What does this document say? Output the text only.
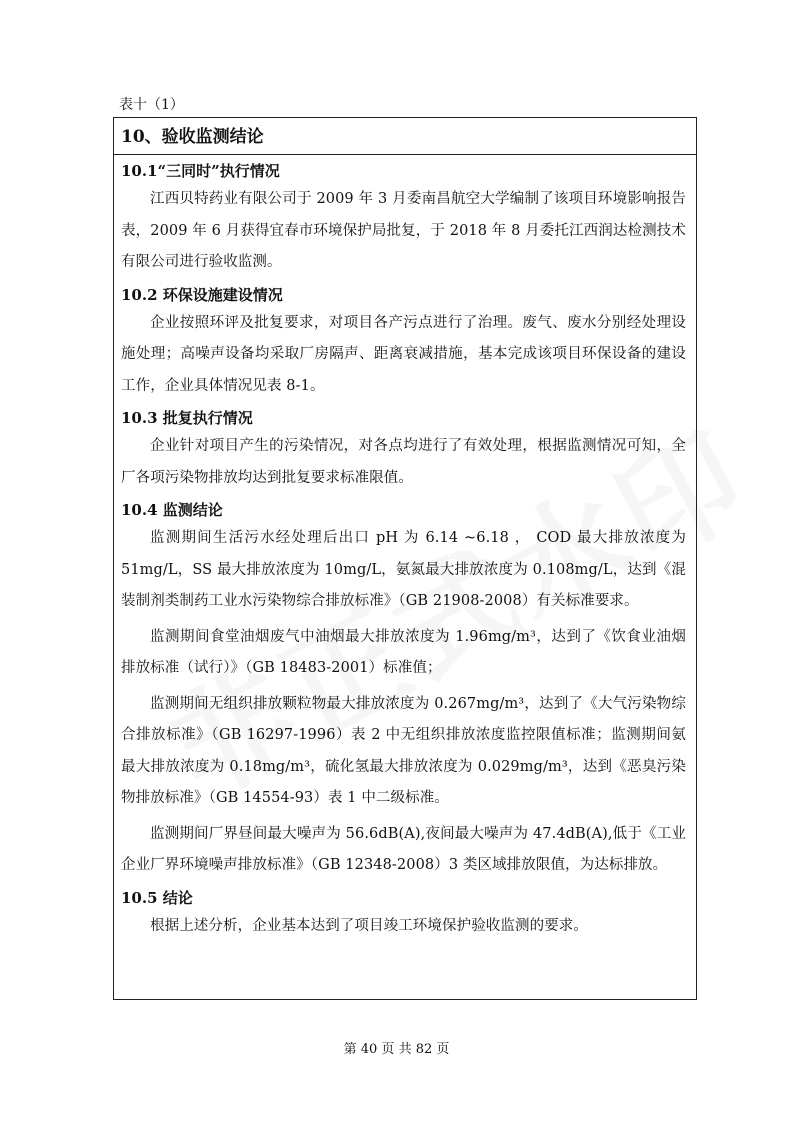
表十（1）
10、验收监测结论
10.1“三同时”执行情况

江西贝特药业有限公司于 2009 年 3 月委南昌航空大学编制了该项目环境影响报告表，2009 年 6 月获得宜春市环境保护局批复，于 2018 年 8 月委托江西润达检测技术有限公司进行验收监测。

10.2 环保设施建设情况

企业按照环评及批复要求，对项目各产污点进行了治理。废气、废水分别经处理设施处理；高噪声设备均采取厂房隔声、距离衰减措施，基本完成该项目环保设备的建设工作，企业具体情况见表 8-1。

10.3 批复执行情况

企业针对项目产生的污染情况，对各点均进行了有效处理，根据监测情况可知，全厂各项污染物排放均达到批复要求标准限值。

10.4 监测结论

监测期间生活污水经处理后出口 pH 为 6.14 ~6.18 ， COD 最大排放浓度为 51mg/L，SS 最大排放浓度为 10mg/L，氨氮最大排放浓度为 0.108mg/L，达到《混装制剂类制药工业水污染物综合排放标准》（GB 21908-2008）有关标准要求。

监测期间食堂油烟废气中油烟最大排放浓度为 1.96mg/m³，达到了《饮食业油烟排放标准（试行）》（GB 18483-2001）标准值；

监测期间无组织排放颗粒物最大排放浓度为 0.267mg/m³，达到了《大气污染物综合排放标准》（GB 16297-1996）表 2 中无组织排放浓度监控限值标准；监测期间氨最大排放浓度为 0.18mg/m³，硫化氢最大排放浓度为 0.029mg/m³，达到《恶臭污染物排放标准》（GB 14554-93）表 1 中二级标准。

监测期间厂界昼间最大噪声为 56.6dB(A),夜间最大噪声为 47.4dB(A),低于《工业企业厂界环境噪声排放标准》（GB 12348-2008）3 类区域排放限值，为达标排放。

10.5 结论

根据上述分析，企业基本达到了项目竣工环境保护验收监测的要求。

第 40 页 共 82 页
